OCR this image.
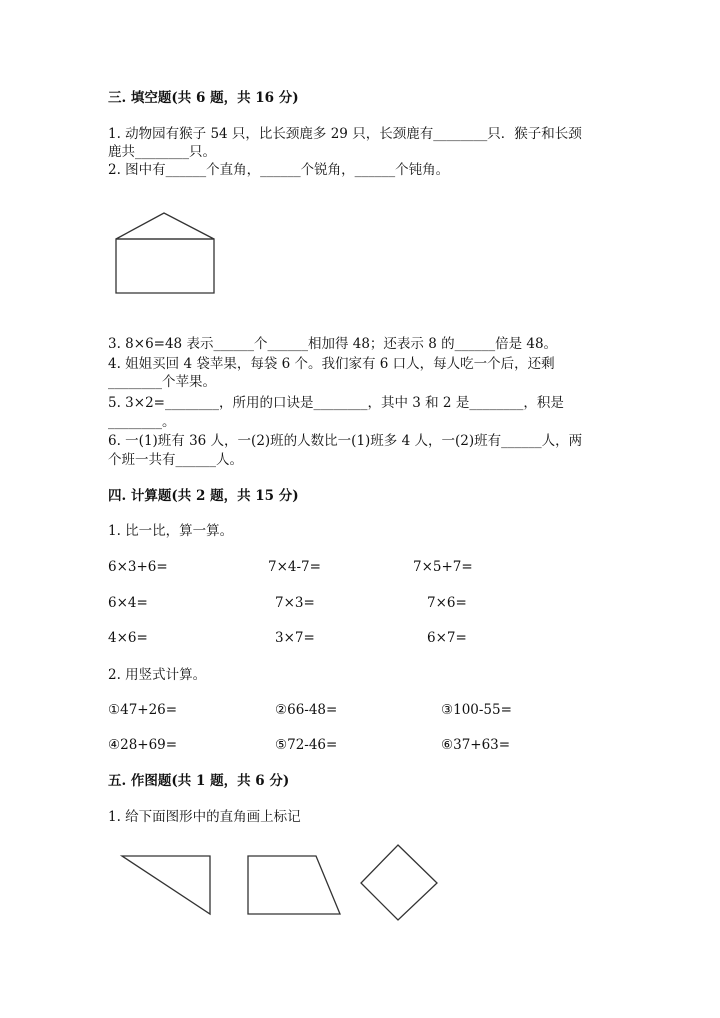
三. 填空题(共 6 题，共 16 分)
1. 动物园有猴子 54 只，比长颈鹿多 29 只，长颈鹿有________只．猴子和长颈
鹿共________只。
2. 图中有______个直角，______个锐角，______个钝角。
3. 8×6=48 表示______个______相加得 48；还表示 8 的______倍是 48。
4. 姐姐买回 4 袋苹果，每袋 6 个。我们家有 6 口人，每人吃一个后，还剩
________个苹果。
5. 3×2=________，所用的口诀是________，其中 3 和 2 是________，积是
________。
6. 一(1)班有 36 人，一(2)班的人数比一(1)班多 4 人，一(2)班有______人，两
个班一共有______人。
四. 计算题(共 2 题，共 15 分)
1. 比一比，算一算。
6×3+6=	7×4-7=	7×5+7=
6×4=	7×3=	7×6=
4×6=	3×7=	6×7=
2. 用竖式计算。
①47+26=	②66-48=	③100-55=
④28+69=	⑤72-46=	⑥37+63=
五. 作图题(共 1 题，共 6 分)
1. 给下面图形中的直角画上标记
